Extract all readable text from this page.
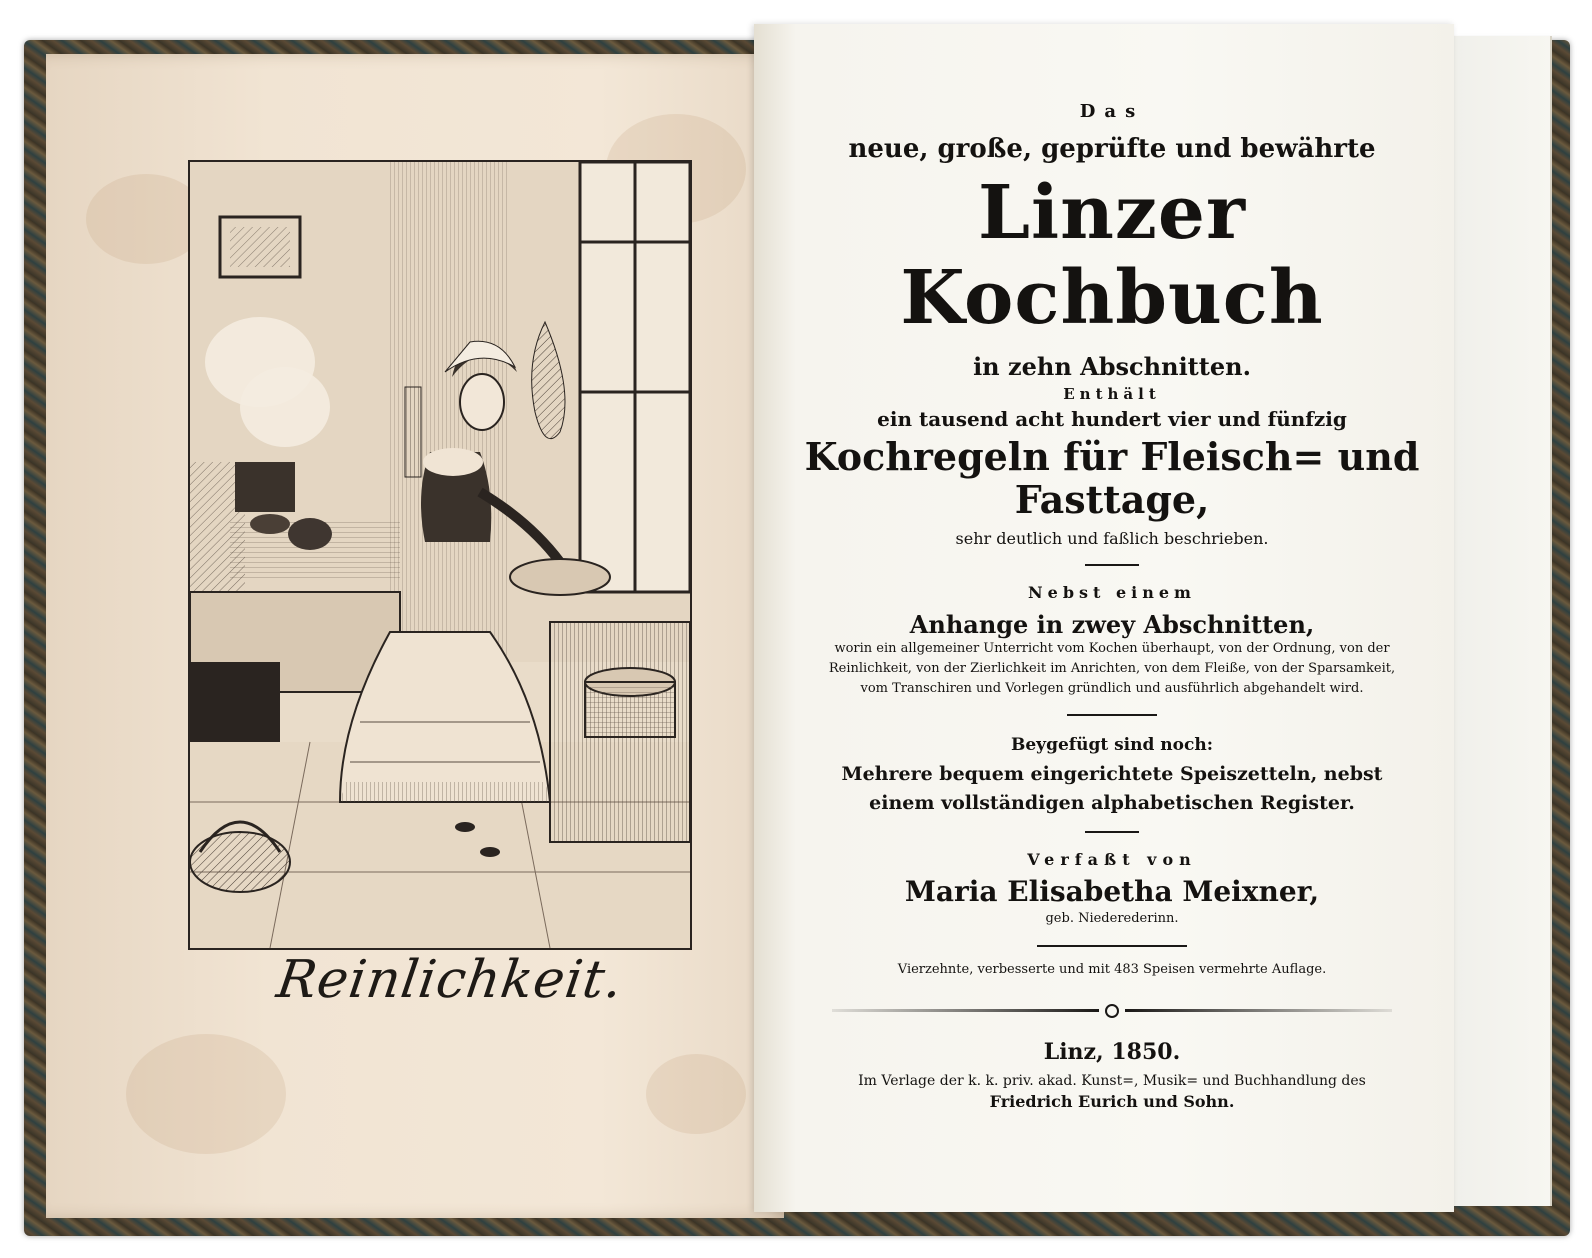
Reinlichkeit.
Das
neue, große, geprüfte und bewährte
Linzer Kochbuch
in zehn Abschnitten.
Enthält
ein tausend acht hundert vier und fünfzig
Kochregeln für Fleisch= und Fasttage,
sehr deutlich und faßlich beschrieben.
Nebst einem
Anhange in zwey Abschnitten,
worin ein allgemeiner Unterricht vom Kochen überhaupt, von der Ordnung, von der
Reinlichkeit, von der Zierlichkeit im Anrichten, von dem Fleiße, von der Sparsamkeit,
vom Transchiren und Vorlegen gründlich und ausführlich abgehandelt wird.
Beygefügt sind noch:
Mehrere bequem eingerichtete Speiszetteln, nebst
einem vollständigen alphabetischen Register.
Verfaßt von
Maria Elisabetha Meixner,
geb. Niederederinn.
Vierzehnte, verbesserte und mit 483 Speisen vermehrte Auflage.
Linz, 1850.
Im Verlage der k. k. priv. akad. Kunst=, Musik= und Buchhandlung des
Friedrich Eurich und Sohn.
